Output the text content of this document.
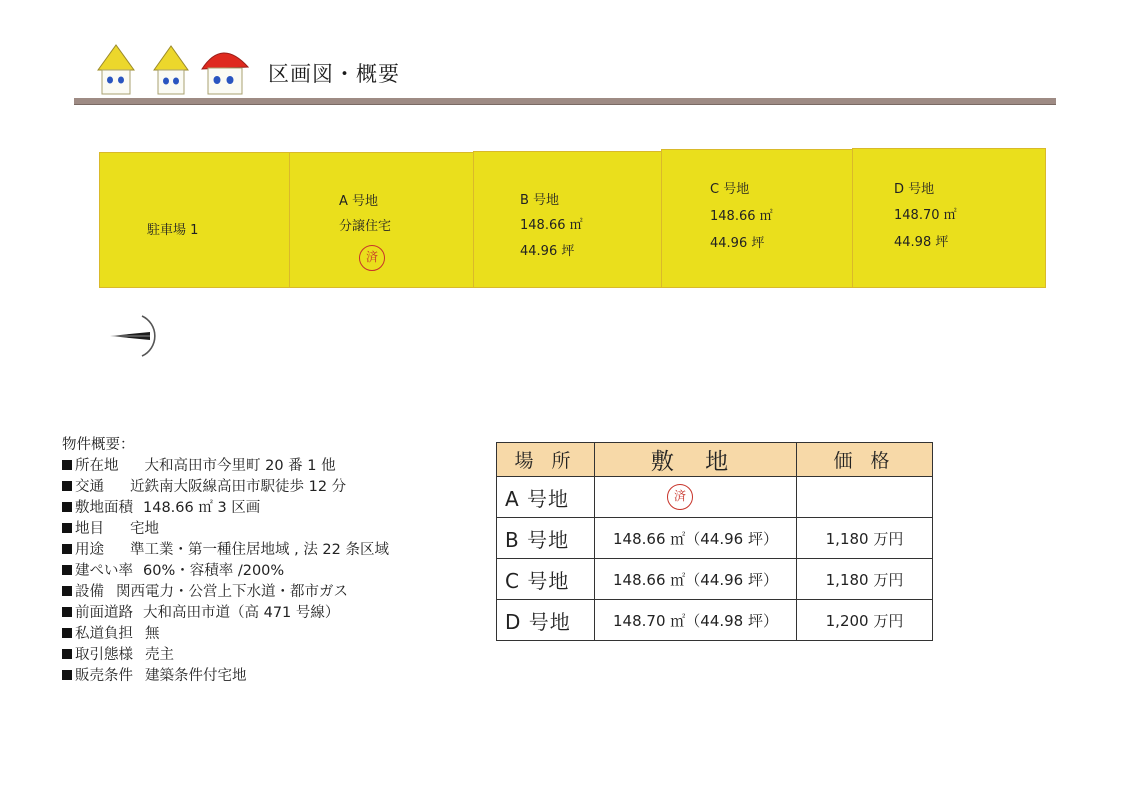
区画図・概要
駐車場 1
A 号地
分譲住宅
済
B 号地
148.66 ㎡
44.96 坪
C 号地
148.66 ㎡
44.96 坪
D 号地
148.70 ㎡
44.98 坪
物件概要：
所在地 大和高田市今里町 20 番 1 他
交通 近鉄南大阪線高田市駅徒歩 12 分
敷地面積 148.66 ㎡ 3 区画
地目 宅地
用途 準工業・第一種住居地域 , 法 22 条区域
建ぺい率 60%・容積率 /200%
設備 関西電力・公営上下水道・都市ガス
前面道路 大和高田市道（高 471 号線）
私道負担 無
取引態様 売主
販売条件 建築条件付宅地
場 所	敷 地	価 格
A 号地	済	

B 号地	148.66 ㎡（44.96 坪）	1,180 万円
C 号地	148.66 ㎡（44.96 坪）	1,180 万円
D 号地	148.70 ㎡（44.98 坪）	1,200 万円
